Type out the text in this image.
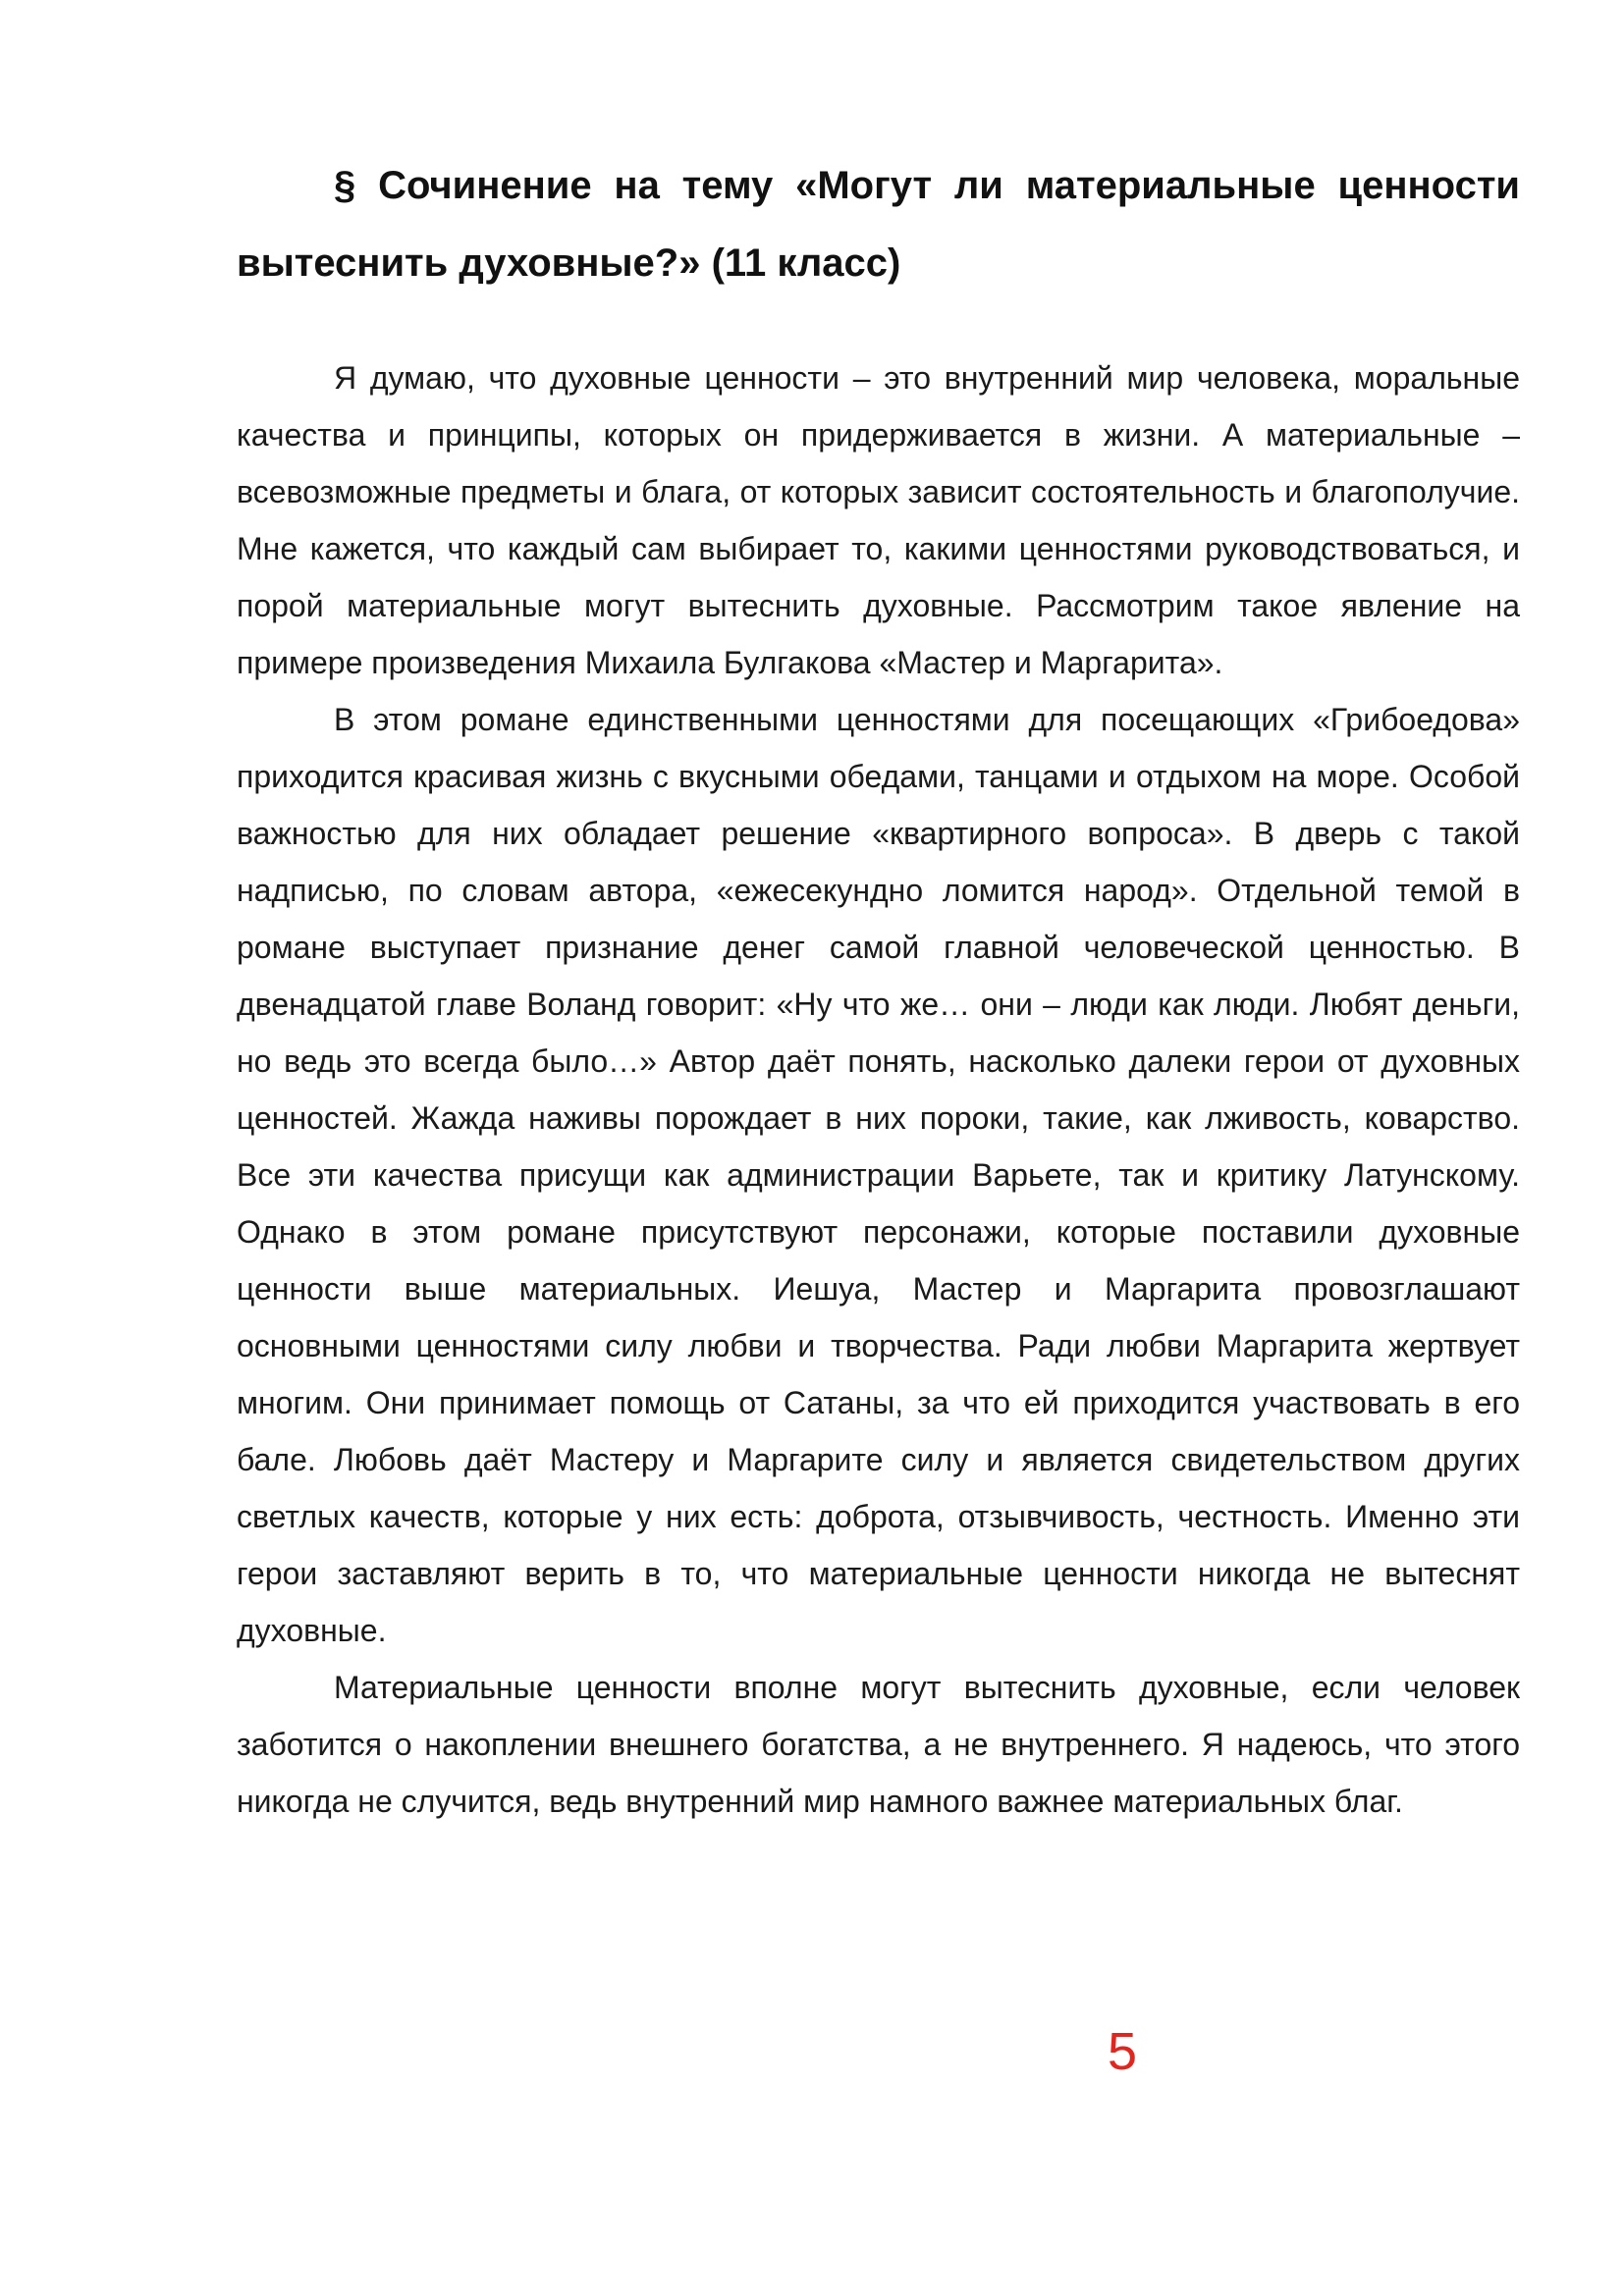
§ Сочинение на тему «Могут ли материальные ценности вытеснить духовные?» (11 класс)

Я думаю, что духовные ценности – это внутренний мир человека, моральные качества и принципы, которых он придерживается в жизни. А материальные – всевозможные предметы и блага, от которых зависит состоятельность и благополучие. Мне кажется, что каждый сам выбирает то, какими ценностями руководствоваться, и порой материальные могут вытеснить духовные. Рассмотрим такое явление на примере произведения Михаила Булгакова «Мастер и Маргарита».

В этом романе единственными ценностями для посещающих «Грибоедова» приходится красивая жизнь с вкусными обедами, танцами и отдыхом на море. Особой важностью для них обладает решение «квартирного вопроса». В дверь с такой надписью, по словам автора, «ежесекундно ломится народ». Отдельной темой в романе выступает признание денег самой главной человеческой ценностью. В двенадцатой главе Воланд говорит: «Ну что же… они – люди как люди. Любят деньги, но ведь это всегда было…» Автор даёт понять, насколько далеки герои от духовных ценностей. Жажда наживы порождает в них пороки, такие, как лживость, коварство. Все эти качества присущи как администрации Варьете, так и критику Латунскому. Однако в этом романе присутствуют персонажи, которые поставили духовные ценности выше материальных. Иешуа, Мастер и Маргарита провозглашают основными ценностями силу любви и творчества. Ради любви Маргарита жертвует многим. Они принимает помощь от Сатаны, за что ей приходится участвовать в его бале. Любовь даёт Мастеру и Маргарите силу и является свидетельством других светлых качеств, которые у них есть: доброта, отзывчивость, честность. Именно эти герои заставляют верить в то, что материальные ценности никогда не вытеснят духовные.

Материальные ценности вполне могут вытеснить духовные, если человек заботится о накоплении внешнего богатства, а не внутреннего. Я надеюсь, что этого никогда не случится, ведь внутренний мир намного важнее материальных благ.

5
